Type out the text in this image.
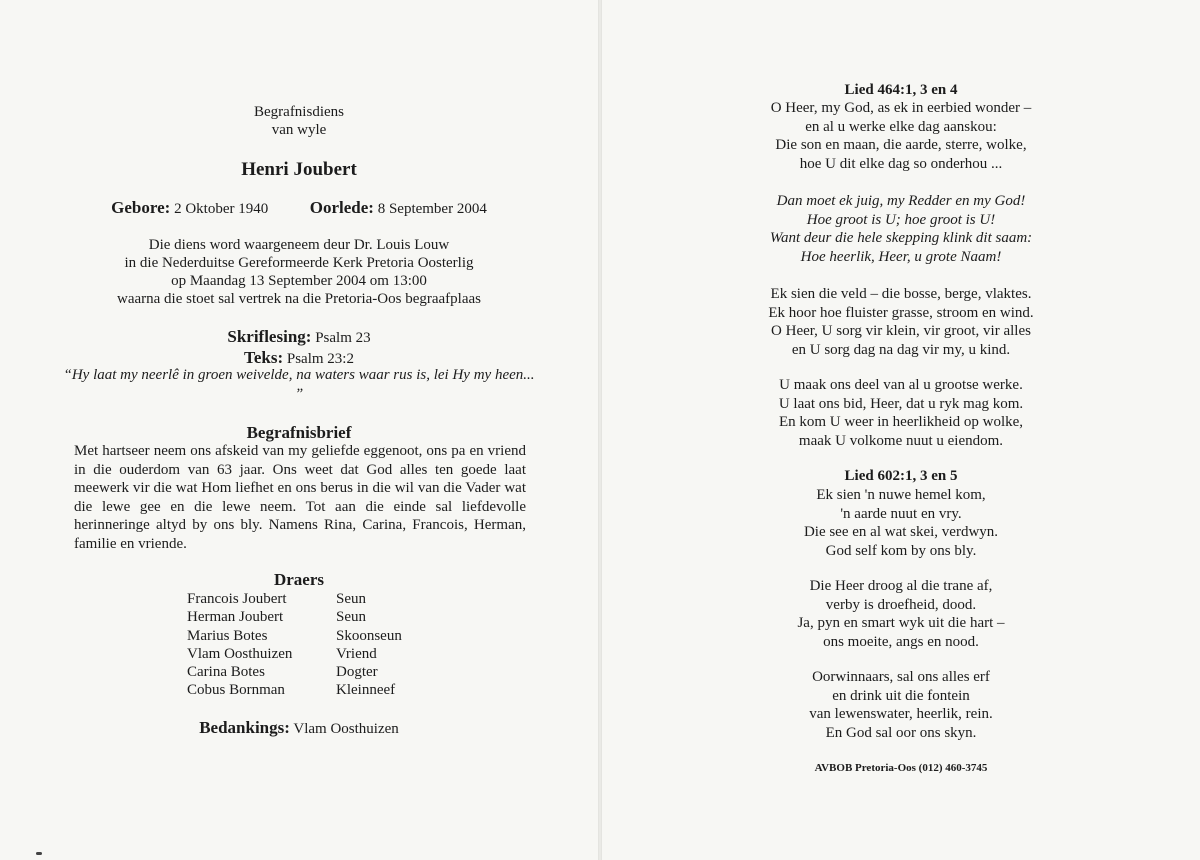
Begrafnisdiens
van wyle
Henri Joubert
Gebore: 2 Oktober 1940 Oorlede: 8 September 2004
Die diens word waargeneem deur Dr. Louis Louw
in die Nederduitse Gereformeerde Kerk Pretoria Oosterlig
op Maandag 13 September 2004 om 13:00
waarna die stoet sal vertrek na die Pretoria-Oos begraafplaas
Skriflesing: Psalm 23
Teks: Psalm 23:2
“Hy laat my neerlê in groen weivelde, na waters waar rus is, lei Hy my heen... ”
Begrafnisbrief
Met hartseer neem ons afskeid van my geliefde eggenoot, ons pa en vriend in die ouderdom van 63 jaar. Ons weet dat God alles ten goede laat meewerk vir die wat Hom liefhet en ons berus in die wil van die Vader wat die lewe gee en die lewe neem. Tot aan die einde sal liefdevolle herinneringe altyd by ons bly. Namens Rina, Carina, Francois, Herman, familie en vriende.
Draers
Francois Joubert	Seun
Herman Joubert	Seun
Marius Botes	Skoonseun
Vlam Oosthuizen	Vriend
Carina Botes	Dogter
Cobus Bornman	Kleinneef
Bedankings: Vlam Oosthuizen
Lied 464:1, 3 en 4
O Heer, my God, as ek in eerbied wonder –
en al u werke elke dag aanskou:
Die son en maan, die aarde, sterre, wolke,
hoe U dit elke dag so onderhou ...
Dan moet ek juig, my Redder en my God!
Hoe groot is U; hoe groot is U!
Want deur die hele skepping klink dit saam:
Hoe heerlik, Heer, u grote Naam!
Ek sien die veld – die bosse, berge, vlaktes.
Ek hoor hoe fluister grasse, stroom en wind.
O Heer, U sorg vir klein, vir groot, vir alles
en U sorg dag na dag vir my, u kind.
U maak ons deel van al u grootse werke.
U laat ons bid, Heer, dat u ryk mag kom.
En kom U weer in heerlikheid op wolke,
maak U volkome nuut u eiendom.
Lied 602:1, 3 en 5
Ek sien 'n nuwe hemel kom,
'n aarde nuut en vry.
Die see en al wat skei, verdwyn.
God self kom by ons bly.
Die Heer droog al die trane af,
verby is droefheid, dood.
Ja, pyn en smart wyk uit die hart –
ons moeite, angs en nood.
Oorwinnaars, sal ons alles erf
en drink uit die fontein
van lewenswater, heerlik, rein.
En God sal oor ons skyn.
AVBOB Pretoria-Oos (012) 460-3745
